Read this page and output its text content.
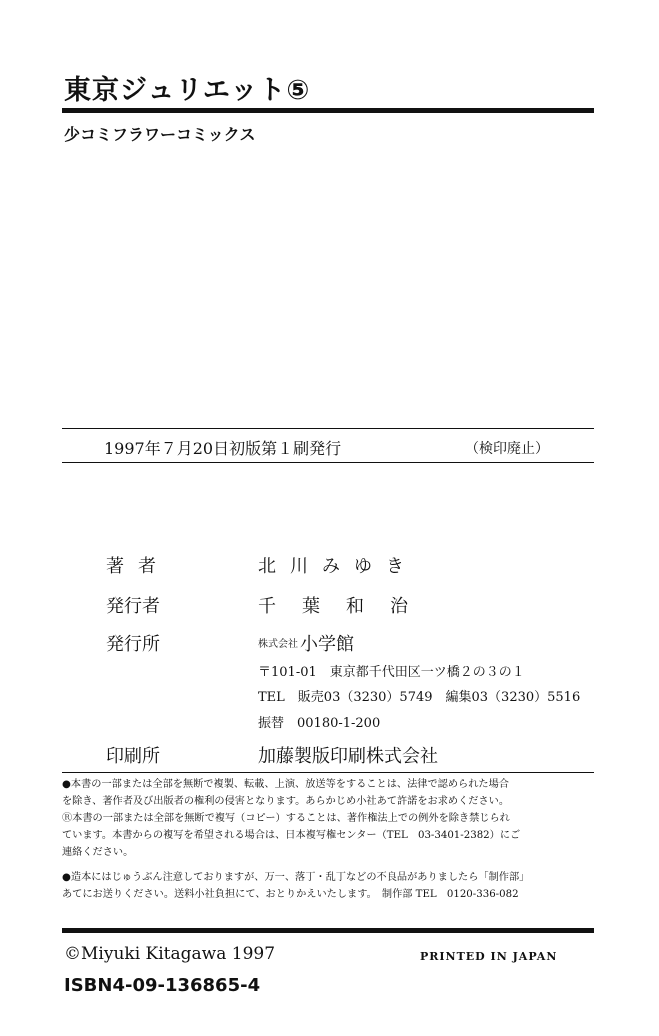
東京ジュリエット⑤
少コミフラワーコミックス
1997年７月20日初版第１刷発行	（検印廃止）
著者	北川みゆき
発行者	千葉和治
発行所	株式会社 小学館
〒101-01　東京都千代田区一ツ橋２の３の１
TEL　販売03（3230）5749　編集03（3230）5516
振替　00180-1-200
印刷所	加藤製版印刷株式会社
●本書の一部または全部を無断で複製、転載、上演、放送等をすることは、法律で認められた場合
を除き、著作者及び出版者の権利の侵害となります。あらかじめ小社あて許諾をお求めください。
Ⓡ本書の一部または全部を無断で複写（コピー）することは、著作権法上での例外を除き禁じられ
ています。本書からの複写を希望される場合は、日本複写権センター（TEL　03-3401-2382）にご
連絡ください。
●造本にはじゅうぶん注意しておりますが、万一、落丁・乱丁などの不良品がありましたら「制作部」
あてにお送りください。送料小社負担にて、おとりかえいたします。　制作部 TEL　0120-336-082
©Miyuki Kitagawa 1997	PRINTED IN JAPAN
ISBN4-09-136865-4
